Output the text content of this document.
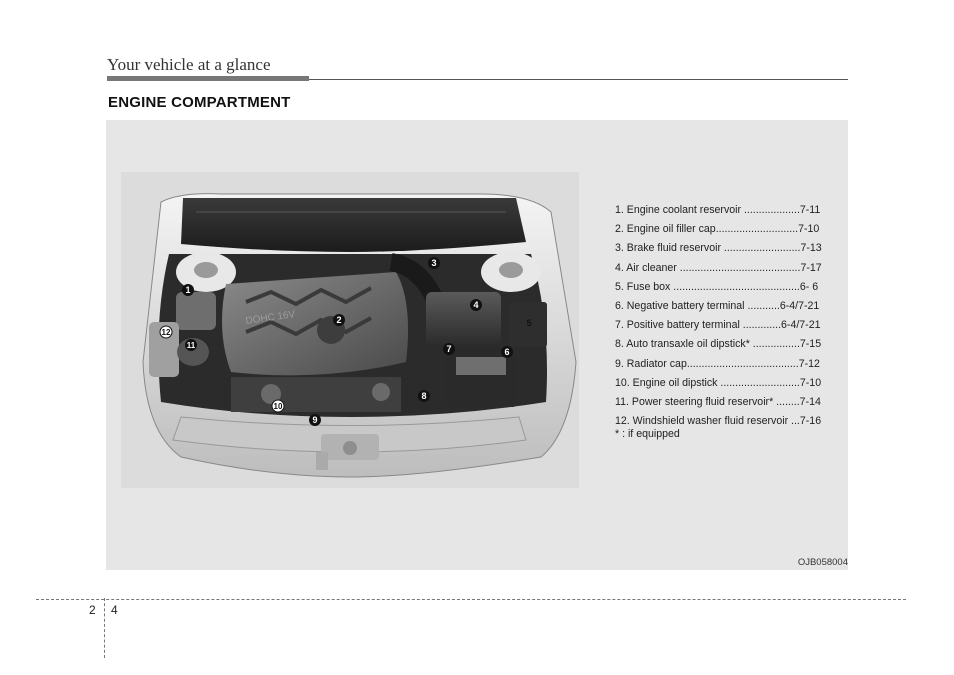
Your vehicle at a glance
ENGINE COMPARTMENT
DOHC 16V
1
2
3
4
5
6
7
8
9
10
11
12
1. Engine coolant reservoir ...................7-11
2. Engine oil filler cap............................7-10
3. Brake fluid reservoir ..........................7-13
4. Air cleaner .........................................7-17
5. Fuse box ...........................................6- 6
6. Negative battery terminal ...........6-4/7-21
7. Positive battery terminal .............6-4/7-21
8. Auto transaxle oil dipstick* ................7-15
9. Radiator cap......................................7-12
10. Engine oil dipstick ...........................7-10
11. Power steering fluid reservoir* ........7-14
12. Windshield washer fluid reservoir ...7-16
* : if equipped
OJB058004
2 4
